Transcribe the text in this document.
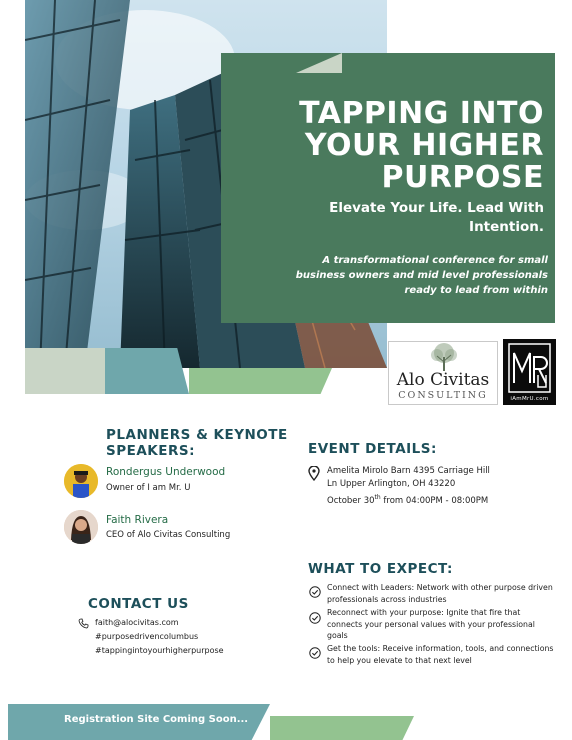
TAPPING INTO
YOUR HIGHER
PURPOSE
Elevate Your Life. Lead With Intention.
A transformational conference for small business owners and mid level professionals ready to lead from within
Alo Civitas
CONSULTING	iAmMrU.com
PLANNERS & KEYNOTE SPEAKERS:
Rondergus Underwood
Owner of I am Mr. U
Faith Rivera
CEO of Alo Civitas Consulting
EVENT DETAILS:
Amelita Mirolo Barn 4395 Carriage Hill Ln Upper Arlington, OH 43220
October 30th from 04:00PM - 08:00PM
WHAT TO EXPECT:
Connect with Leaders: Network with other purpose driven professionals across industries
Reconnect with your purpose: Ignite that fire that connects your personal values with your professional goals
Get the tools: Receive information, tools, and connections to help you elevate to that next level
CONTACT US
faith@alocivitas.com
#purposedrivencolumbus
#tappingintoyourhigherpurpose
Registration Site Coming Soon...
